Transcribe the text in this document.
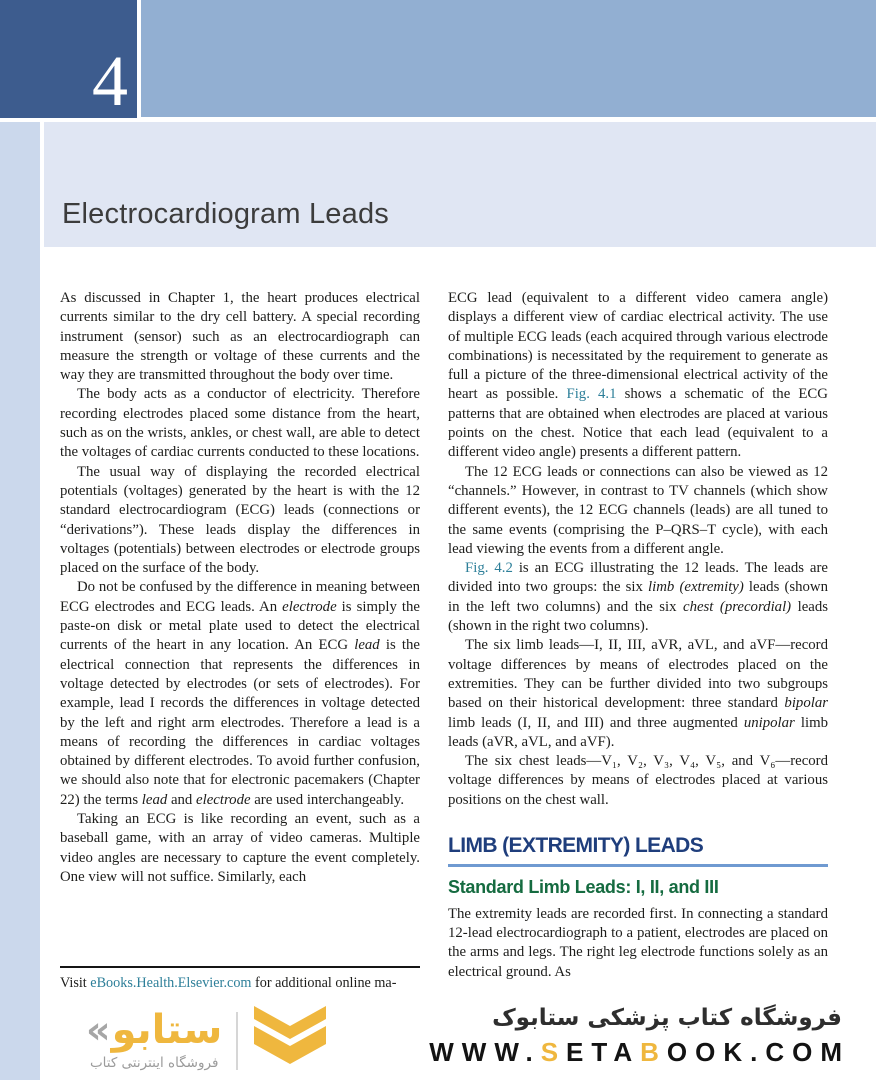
4
Electrocardiogram Leads

As discussed in Chapter 1, the heart produces electrical currents similar to the dry cell battery. A special recording instrument (sensor) such as an electrocardiograph can measure the strength or voltage of these currents and the way they are transmitted throughout the body over time.

The body acts as a conductor of electricity. Therefore recording electrodes placed some distance from the heart, such as on the wrists, ankles, or chest wall, are able to detect the voltages of cardiac currents conducted to these locations.

The usual way of displaying the recorded electrical potentials (voltages) generated by the heart is with the 12 standard electrocardiogram (ECG) leads (connections or “derivations”). These leads display the differences in voltages (potentials) between electrodes or electrode groups placed on the surface of the body.

Do not be confused by the difference in meaning between ECG electrodes and ECG leads. An electrode is simply the paste-on disk or metal plate used to detect the electrical currents of the heart in any location. An ECG lead is the electrical connection that represents the differences in voltage detected by electrodes (or sets of electrodes). For example, lead I records the differences in voltage detected by the left and right arm electrodes. Therefore a lead is a means of recording the differences in cardiac voltages obtained by different electrodes. To avoid further confusion, we should also note that for electronic pacemakers (Chapter 22) the terms lead and electrode are used interchangeably.

Taking an ECG is like recording an event, such as a baseball game, with an array of video cameras. Multiple video angles are necessary to capture the event completely. One view will not suffice. Similarly, each

ECG lead (equivalent to a different video camera angle) displays a different view of cardiac electrical activity. The use of multiple ECG leads (each acquired through various electrode combinations) is necessitated by the requirement to generate as full a picture of the three-dimensional electrical activity of the heart as possible. Fig. 4.1 shows a schematic of the ECG patterns that are obtained when electrodes are placed at various points on the chest. Notice that each lead (equivalent to a different video angle) presents a different pattern.

The 12 ECG leads or connections can also be viewed as 12 “channels.” However, in contrast to TV channels (which show different events), the 12 ECG channels (leads) are all tuned to the same events (comprising the P–QRS–T cycle), with each lead viewing the events from a different angle.

Fig. 4.2 is an ECG illustrating the 12 leads. The leads are divided into two groups: the six limb (extremity) leads (shown in the left two columns) and the six chest (precordial) leads (shown in the right two columns).

The six limb leads—I, II, III, aVR, aVL, and aVF—record voltage differences by means of electrodes placed on the extremities. They can be further divided into two subgroups based on their historical development: three standard bipolar limb leads (I, II, and III) and three augmented unipolar limb leads (aVR, aVL, and aVF).

The six chest leads—V₁, V₂, V₃, V₄, V₅, and V₆—record voltage differences by means of electrodes placed at various positions on the chest wall.

LIMB (EXTREMITY) LEADS
Standard Limb Leads: I, II, and III

The extremity leads are recorded first. In connecting a standard 12-lead electrocardiograph to a patient, electrodes are placed on the arms and legs. The right leg electrode functions solely as an electrical ground. As

Visit eBooks.Health.Elsevier.com for additional online ma-
« ستابو
فروشگاه اینترنتی کتاب
فروشگاه کتاب پزشکی ستابوک
WWW.SETABOOK.COM
